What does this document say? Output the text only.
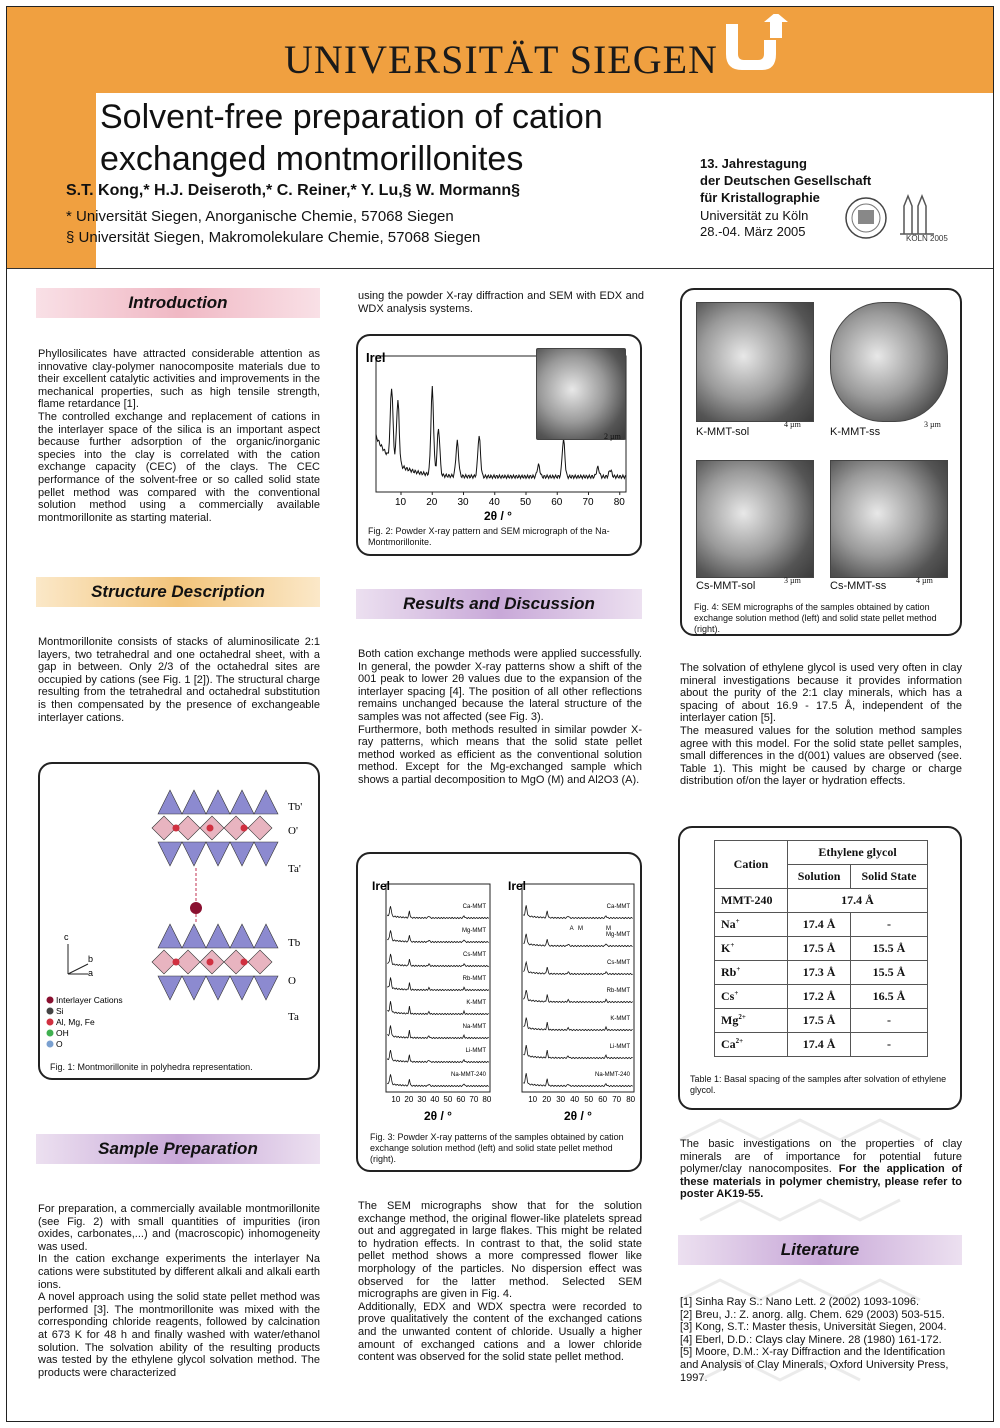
UNIVERSITÄT SIEGEN
Solvent-free preparation of cation
exchanged montmorillonites
S.T. Kong,* H.J. Deiseroth,* C. Reiner,* Y. Lu,§ W. Mormann§
* Universität Siegen, Anorganische Chemie, 57068 Siegen
§ Universität Siegen, Makromolekulare Chemie, 57068 Siegen
13. Jahrestagung
der Deutschen Gesellschaft
für Kristallographie
Universität zu Köln
28.-04. März 2005	KÖLN 2005
Introduction

Phyllosilicates have attracted considerable attention as innovative clay-polymer nanocomposite materials due to their excellent catalytic activities and improvements in the mechanical properties, such as high tensile strength, flame retardance [1].

The controlled exchange and replacement of cations in the interlayer space of the silica is an important aspect because further adsorption of the organic/inorganic species into the clay is correlated with the cation exchange capacity (CEC) of the clays. The CEC performance of the solvent-free or so called solid state pellet method was compared with the conventional solution method using a commercially available montmorillonite as starting material.

Structure Description
Montmorillonite consists of stacks of aluminosilicate 2:1 layers, two tetrahedral and one octahedral sheet, with a gap in between. Only 2/3 of the octahedral sites are occupied by cations (see Fig. 1 [2]). The structural charge resulting from the tetrahedral and octahedral substitution is then compensated by the presence of exchangeable interlayer cations.
Tb'
O'
Ta'
Tb
O
Ta
c
b
a
Interlayer Cations
Si
Al, Mg, Fe
OH
O
Fig. 1: Montmorillonite in polyhedra representation.
Sample Preparation

For preparation, a commercially available montmorillonite (see Fig. 2) with small quantities of impurities (iron oxides, carbonates,...) and (macroscopic) inhomogeneity was used.

In the cation exchange experiments the interlayer Na cations were substituted by different alkali and alkali earth ions.

A novel approach using the solid state pellet method was performed [3]. The montmorillonite was mixed with the corresponding chloride reagents, followed by calcination at 673 K for 48 h and finally washed with water/ethanol solution. The solvation ability of the resulting products was tested by the ethylene glycol solvation method. The products were characterized

using the powder X-ray diffraction and SEM with EDX and WDX analysis systems.
10 20 30 40 50 60 70 80
Irel
2θ / °
2 µm
Fig. 2: Powder X-ray pattern and SEM micrograph of the Na-Montmorillonite.
Results and Discussion

Both cation exchange methods were applied successfully. In general, the powder X-ray patterns show a shift of the 001 peak to lower 2θ values due to the expansion of the interlayer spacing [4]. The position of all other reflections remains unchanged because the lateral structure of the samples was not affected (see Fig. 3).

Furthermore, both methods resulted in similar powder X-ray patterns, which means that the solid state pellet method worked as efficient as the conventional solution method. Except for the Mg-exchanged sample which shows a partial decomposition to MgO (M) and Al2O3 (A).

Irel
Ca-MMT
Mg-MMT
Cs-MMT
Rb-MMT
K-MMT
Na-MMT
Li-MMT
Na-MMT-240
10 20 30 40 50 60 70 80
2θ / °
Irel
Ca-MMT
Mg-MMT
Cs-MMT
Rb-MMT
K-MMT
Li-MMT
Na-MMT-240
10 20 30 40 50 60 70 80
2θ / °
A M	M
Fig. 3: Powder X-ray patterns of the samples obtained by cation exchange solution method (left) and solid state pellet method (right).

The SEM micrographs show that for the solution exchange method, the original flower-like platelets spread out and aggregated in large flakes. This might be related to hydration effects. In contrast to that, the solid state pellet method shows a more compressed flower like morphology of the particles. No dispersion effect was observed for the latter method. Selected SEM micrographs are given in Fig. 4.

Additionally, EDX and WDX spectra were recorded to prove qualitatively the content of the exchanged cations and the unwanted content of chloride. Usually a higher amount of exchanged cations and a lower chloride content was observed for the solid state pellet method.

K-MMT-sol
4 µm
K-MMT-ss
3 µm
Cs-MMT-sol	3 µm	Cs-MMT-ss	4 µm
Fig. 4: SEM micrographs of the samples obtained by cation exchange solution method (left) and solid state pellet method (right).

The solvation of ethylene glycol is used very often in clay mineral investigations because it provides information about the purity of the 2:1 clay minerals, which has a spacing of about 16.9 - 17.5 Å, independent of the interlayer cation [5].

The measured values for the solution method samples agree with this model. For the solid state pellet samples, small differences in the d(001) values are observed (see. Table 1). This might be caused by charge or charge distribution of/on the layer or hydration effects.

Cation	Ethylene glycol	
	Solution	Solid State
MMT-240	17.4 Å	
Na+	17.4 Å	-
K+	17.5 Å	15.5 Å
Rb+	17.3 Å	15.5 Å
Cs+	17.2 Å	16.5 Å
$Mg^{2+}$	17.5 Å	-
$Ca^{2+}$	17.4 Å	-
Table 1: Basal spacing of the samples after solvation of ethylene glycol.
The basic investigations on the properties of clay minerals are of importance for potential future polymer/clay nanocomposites. For the application of these materials in polymer chemistry, please refer to poster AK19-55.
Literature
[1] Sinha Ray S.: Nano Lett. 2 (2002) 1093-1096.
[2] Breu, J.: Z. anorg. allg. Chem. 629 (2003) 503-515.
[3] Kong, S.T.: Master thesis, Universität Siegen, 2004.
[4] Eberl, D.D.: Clays clay Minere. 28 (1980) 161-172.
[5] Moore, D.M.: X-ray Diffraction and the Identification and Analysis of Clay Minerals, Oxford University Press, 1997.
